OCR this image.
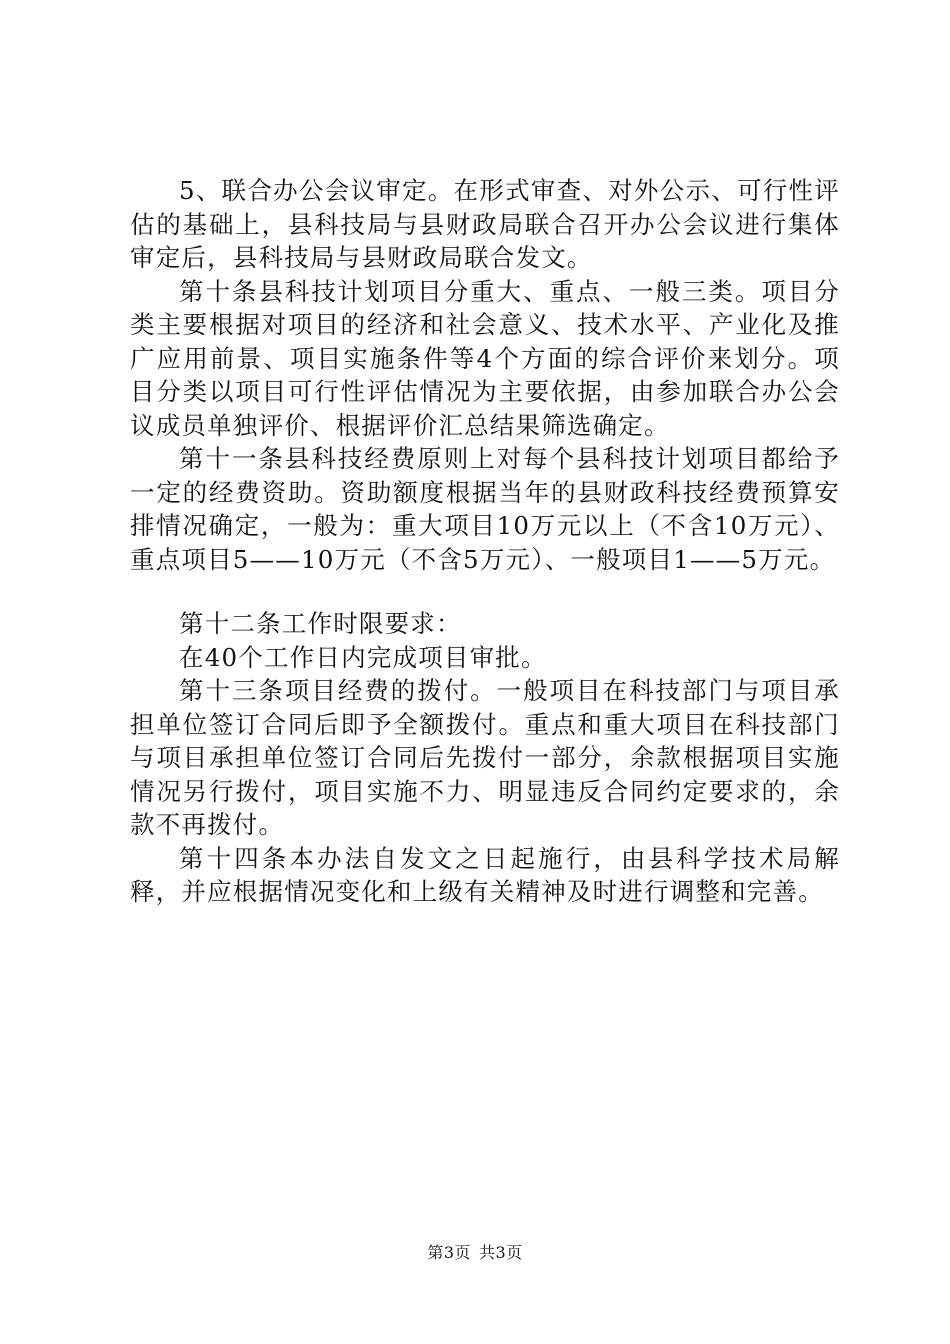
5、联合办公会议审定。在形式审查、对外公示、可行性评估的基础上，县科技局与县财政局联合召开办公会议进行集体审定后，县科技局与县财政局联合发文。

第十条县科技计划项目分重大、重点、一般三类。项目分类主要根据对项目的经济和社会意义、技术水平、产业化及推广应用前景、项目实施条件等4个方面的综合评价来划分。项目分类以项目可行性评估情况为主要依据，由参加联合办公会议成员单独评价、根据评价汇总结果筛选确定。

第十一条县科技经费原则上对每个县科技计划项目都给予一定的经费资助。资助额度根据当年的县财政科技经费预算安排情况确定，一般为：重大项目10万元以上（不含10万元）、重点项目5——10万元（不含5万元）、一般项目1——5万元。

第十二条工作时限要求：

在40个工作日内完成项目审批。

第十三条项目经费的拨付。一般项目在科技部门与项目承担单位签订合同后即予全额拨付。重点和重大项目在科技部门与项目承担单位签订合同后先拨付一部分，余款根据项目实施情况另行拨付，项目实施不力、明显违反合同约定要求的，余款不再拨付。

第十四条本办法自发文之日起施行，由县科学技术局解释，并应根据情况变化和上级有关精神及时进行调整和完善。

第3页 共3页
